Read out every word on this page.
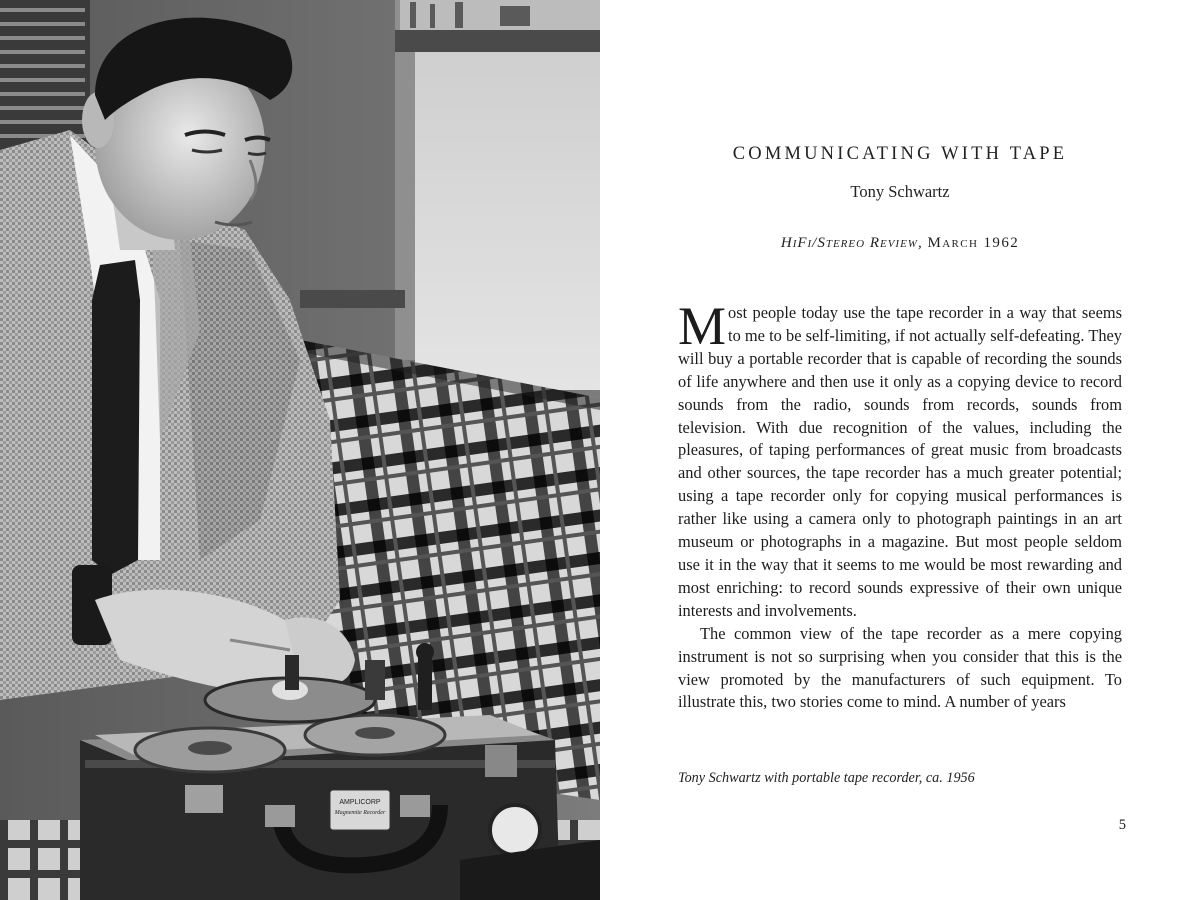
AMPLICORP
Magnemite Recorder
COMMUNICATING WITH TAPE
Tony Schwartz
HiFi/Stereo Review, March 1962

Most people today use the tape recorder in a way that seems to me to be self-limiting, if not actually self-defeating. They will buy a portable recorder that is capable of recording the sounds of life anywhere and then use it only as a copying device to record sounds from the radio, sounds from records, sounds from television. With due recognition of the values, including the pleasures, of taping performances of great music from broadcasts and other sources, the tape recorder has a much greater potential; using a tape recorder only for copying musical performances is rather like using a camera only to photograph paintings in an art museum or photographs in a magazine. But most people seldom use it in the way that it seems to me would be most rewarding and most enriching: to record sounds expressive of their own unique interests and involvements.

The common view of the tape recorder as a mere copying instrument is not so surprising when you consider that this is the view promoted by the manufacturers of such equipment. To illustrate this, two stories come to mind. A number of years

Tony Schwartz with portable tape recorder, ca. 1956
5
